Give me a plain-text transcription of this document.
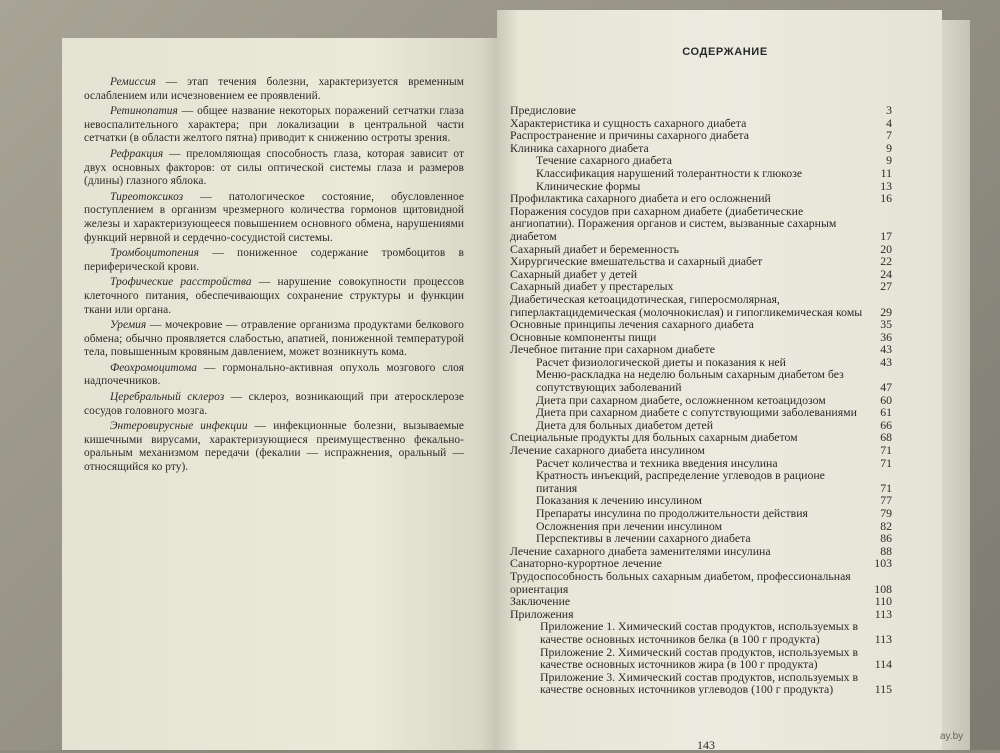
Ремиссия — этап течения болезни, характеризуется временным ослаблением или исчезновением ее проявлений.

Ретинопатия — общее название некоторых поражений сетчатки глаза невоспалительного характера; при локализации в центральной части сетчатки (в области желтого пятна) приводит к снижению остроты зрения.

Рефракция — преломляющая способность глаза, которая зависит от двух основных факторов: от силы оптической системы глаза и размеров (длины) глазного яблока.

Тиреотоксикоз — патологическое состояние, обусловленное поступлением в организм чрезмерного количества гормонов щитовидной железы и характеризующееся повышением основного обмена, нарушениями функций нервной и сердечно-сосудистой системы.

Тромбоцитопения — пониженное содержание тромбоцитов в периферической крови.

Трофические расстройства — нарушение совокупности процессов клеточного питания, обеспечивающих сохранение структуры и функции ткани или органа.

Уремия — мочекровие — отравление организма продуктами белкового обмена; обычно проявляется слабостью, апатией, пониженной температурой тела, повышенным кровяным давлением, может возникнуть кома.

Феохромоцитома — гормонально-активная опухоль мозгового слоя надпочечников.

Церебральный склероз — склероз, возникающий при атеросклерозе сосудов головного мозга.

Энтеровирусные инфекции — инфекционные болезни, вызываемые кишечными вирусами, характеризующиеся преимущественно фекально-оральным механизмом передачи (фекалии — испражнения, оральный — относящийся ко рту).

СОДЕРЖАНИЕ
Предисловие	3
Характеристика и сущность сахарного диабета	4
Распространение и причины сахарного диабета	7
Клиника сахарного диабета	9
Течение сахарного диабета	9
Классификация нарушений толерантности к глюкозе	11
Клинические формы	13
Профилактика сахарного диабета и его осложнений	16
Поражения сосудов при сахарном диабете (диабетические ангиопатии). Поражения органов и систем, вызванные сахарным диабетом	17
Сахарный диабет и беременность	20
Хирургические вмешательства и сахарный диабет	22
Сахарный диабет у детей	24
Сахарный диабет у престарелых	27
Диабетическая кетоацидотическая, гиперосмолярная, гиперлактацидемическая (молочнокислая) и гипогликемическая комы	29
Основные принципы лечения сахарного диабета	35
Основные компоненты пищи	36
Лечебное питание при сахарном диабете	43
Расчет физиологической диеты и показания к ней	43
Меню-раскладка на неделю больным сахарным диабетом без сопутствующих заболеваний	47
Диета при сахарном диабете, осложненном кетоацидозом	60
Диета при сахарном диабете с сопутствующими заболеваниями	61
Диета для больных диабетом детей	66
Специальные продукты для больных сахарным диабетом	68
Лечение сахарного диабета инсулином	71
Расчет количества и техника введения инсулина	71
Кратность инъекций, распределение углеводов в рационе питания	71
Показания к лечению инсулином	77
Препараты инсулина по продолжительности действия	79
Осложнения при лечении инсулином	82
Перспективы в лечении сахарного диабета	86
Лечение сахарного диабета заменителями инсулина	88
Санаторно-курортное лечение	103
Трудоспособность больных сахарным диабетом, профессиональная ориентация	108
Заключение	110
Приложения	113
Приложение 1. Химический состав продуктов, используемых в качестве основных источников белка (в 100 г продукта)	113
Приложение 2. Химический состав продуктов, используемых в качестве основных источников жира (в 100 г продукта)	114
Приложение 3. Химический состав продуктов, используемых в качестве основных источников углеводов (100 г продукта)	115
143
ay.by
